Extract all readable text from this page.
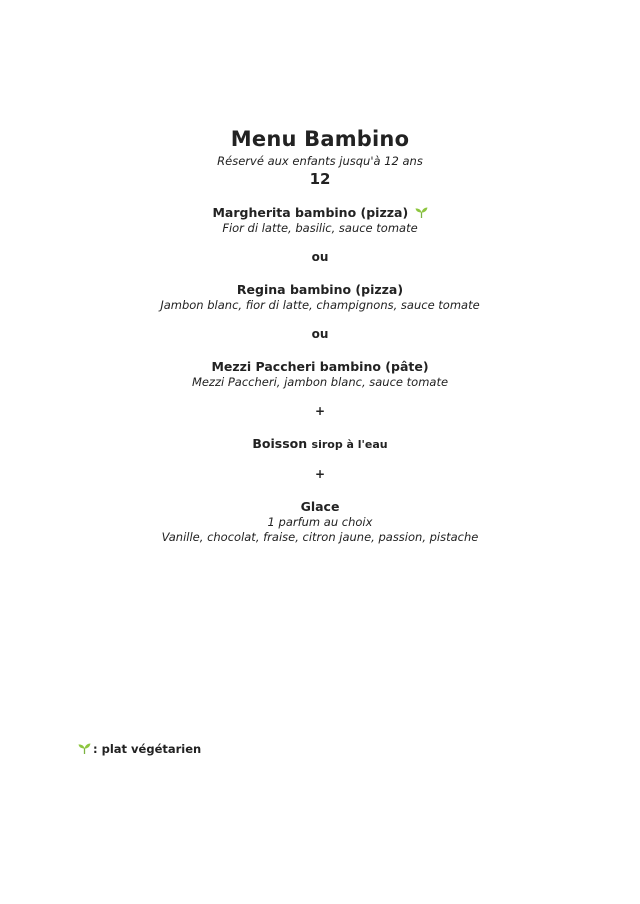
Menu Bambino
Réservé aux enfants jusqu'à 12 ans
12
Margherita bambino (pizza)
Fior di latte, basilic, sauce tomate
ou
Regina bambino (pizza)
Jambon blanc, fior di latte, champignons, sauce tomate
ou
Mezzi Paccheri bambino (pâte)
Mezzi Paccheri, jambon blanc, sauce tomate
+
Boisson sirop à l'eau
+
Glace
1 parfum au choix
Vanille, chocolat, fraise, citron jaune, passion, pistache
: plat végétarien
